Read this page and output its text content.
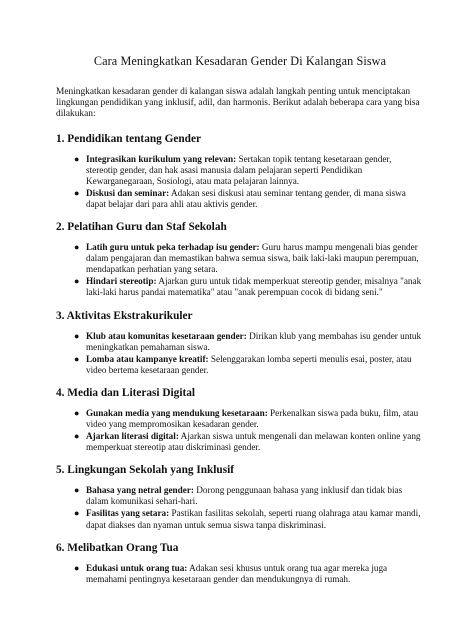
Cara Meningkatkan Kesadaran Gender Di Kalangan Siswa

Meningkatkan kesadaran gender di kalangan siswa adalah langkah penting untuk menciptakan lingkungan pendidikan yang inklusif, adil, dan harmonis. Berikut adalah beberapa cara yang bisa dilakukan:

1. Pendidikan tentang Gender
● Integrasikan kurikulum yang relevan: Sertakan topik tentang kesetaraan gender, stereotip gender, dan hak asasi manusia dalam pelajaran seperti Pendidikan Kewarganegaraan, Sosiologi, atau mata pelajaran lainnya.
● Diskusi dan seminar: Adakan sesi diskusi atau seminar tentang gender, di mana siswa dapat belajar dari para ahli atau aktivis gender.
2. Pelatihan Guru dan Staf Sekolah
● Latih guru untuk peka terhadap isu gender: Guru harus mampu mengenali bias gender dalam pengajaran dan memastikan bahwa semua siswa, baik laki-laki maupun perempuan, mendapatkan perhatian yang setara.
● Hindari stereotip: Ajarkan guru untuk tidak memperkuat stereotip gender, misalnya "anak laki-laki harus pandai matematika" atau "anak perempuan cocok di bidang seni."
3. Aktivitas Ekstrakurikuler
● Klub atau komunitas kesetaraan gender: Dirikan klub yang membahas isu gender untuk meningkatkan pemahaman siswa.
● Lomba atau kampanye kreatif: Selenggarakan lomba seperti menulis esai, poster, atau video bertema kesetaraan gender.
4. Media dan Literasi Digital
● Gunakan media yang mendukung kesetaraan: Perkenalkan siswa pada buku, film, atau video yang mempromosikan kesadaran gender.
● Ajarkan literasi digital: Ajarkan siswa untuk mengenali dan melawan konten online yang memperkuat stereotip atau diskriminasi gender.
5. Lingkungan Sekolah yang Inklusif
● Bahasa yang netral gender: Dorong penggunaan bahasa yang inklusif dan tidak bias dalam komunikasi sehari-hari.
● Fasilitas yang setara: Pastikan fasilitas sekolah, seperti ruang olahraga atau kamar mandi, dapat diakses dan nyaman untuk semua siswa tanpa diskriminasi.
6. Melibatkan Orang Tua
● Edukasi untuk orang tua: Adakan sesi khusus untuk orang tua agar mereka juga memahami pentingnya kesetaraan gender dan mendukungnya di rumah.
